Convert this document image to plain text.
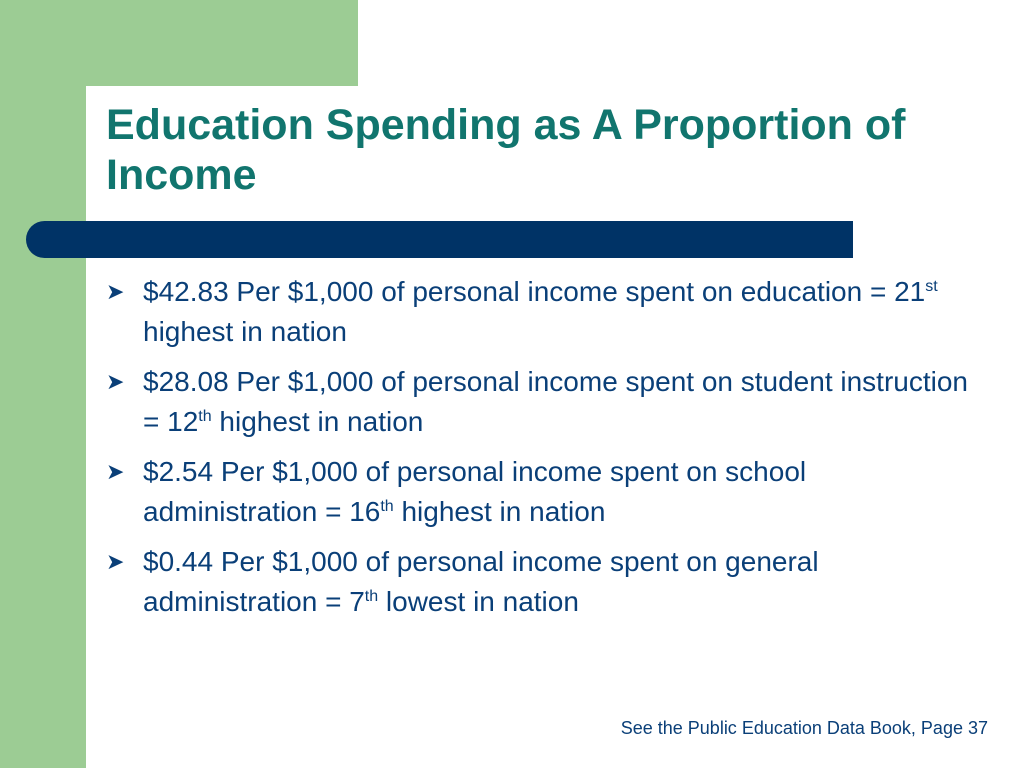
Education Spending as A Proportion of Income
➤ $42.83 Per $1,000 of personal income spent on education = 21st highest in nation
➤ $28.08 Per $1,000 of personal income spent on student instruction = 12th highest in nation
➤ $2.54 Per $1,000 of personal income spent on school administration = 16th highest in nation
➤ $0.44 Per $1,000 of personal income spent on general administration = 7th lowest in nation
See the Public Education Data Book, Page 37
